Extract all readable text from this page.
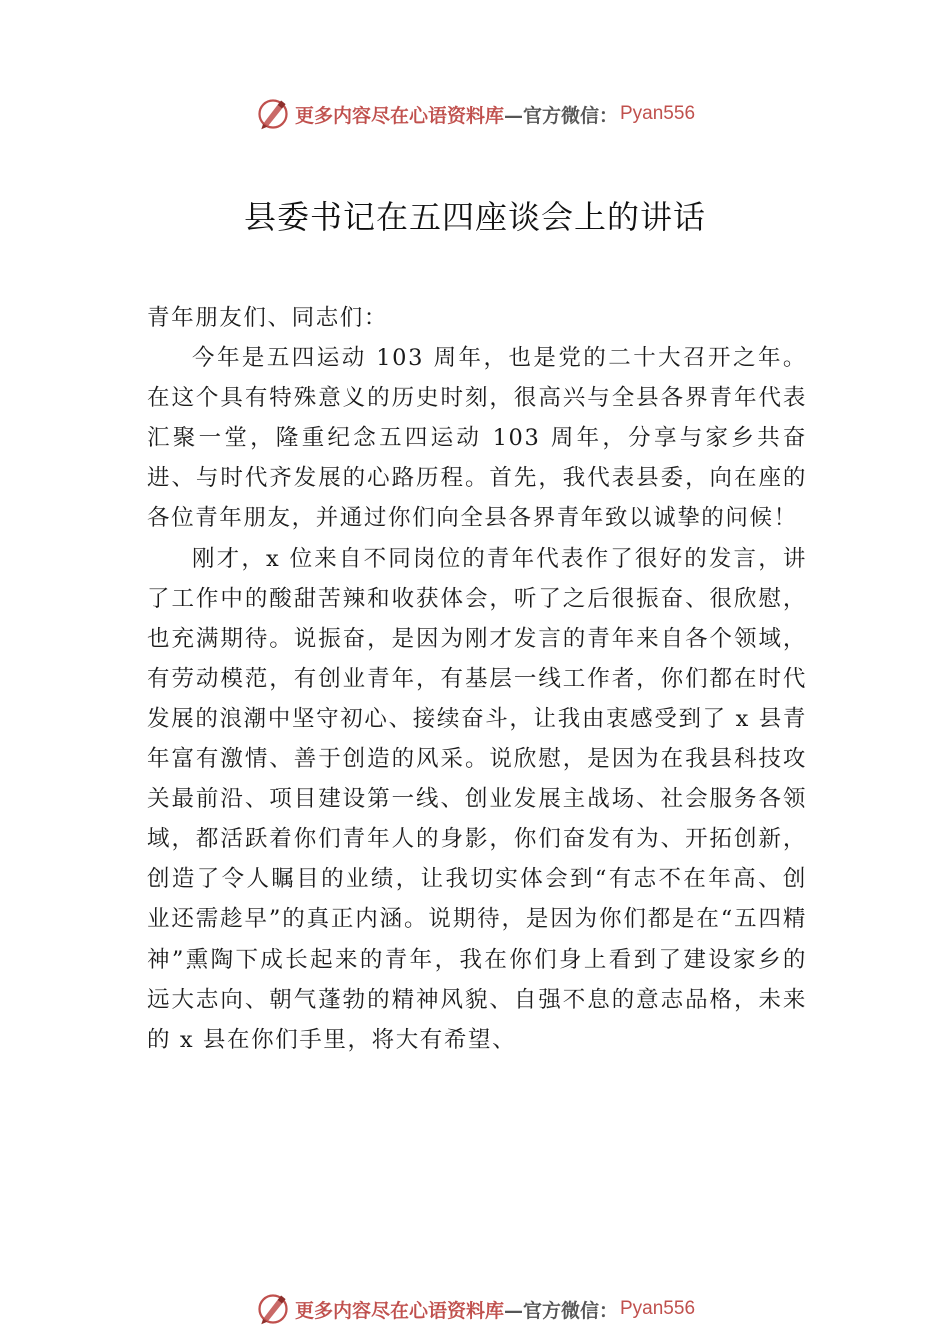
更多内容尽在心语资料库 —官方微信： Pyan556
县委书记在五四座谈会上的讲话

青年朋友们、同志们：

今年是五四运动 103 周年，也是党的二十大召开之年。在这个具有特殊意义的历史时刻，很高兴与全县各界青年代表汇聚一堂，隆重纪念五四运动 103 周年，分享与家乡共奋进、与时代齐发展的心路历程。首先，我代表县委，向在座的各位青年朋友，并通过你们向全县各界青年致以诚挚的问候！

刚才，x 位来自不同岗位的青年代表作了很好的发言，讲了工作中的酸甜苦辣和收获体会，听了之后很振奋、很欣慰，也充满期待。说振奋，是因为刚才发言的青年来自各个领域，有劳动模范，有创业青年，有基层一线工作者，你们都在时代发展的浪潮中坚守初心、接续奋斗，让我由衷感受到了 x 县青年富有激情、善于创造的风采。说欣慰，是因为在我县科技攻关最前沿、项目建设第一线、创业发展主战场、社会服务各领域，都活跃着你们青年人的身影，你们奋发有为、开拓创新，创造了令人瞩目的业绩，让我切实体会到“有志不在年高、创业还需趁早”的真正内涵。说期待，是因为你们都是在“五四精神”熏陶下成长起来的青年，我在你们身上看到了建设家乡的远大志向、朝气蓬勃的精神风貌、自强不息的意志品格，未来的 x 县在你们手里，将大有希望、

更多内容尽在心语资料库 —官方微信： Pyan556
